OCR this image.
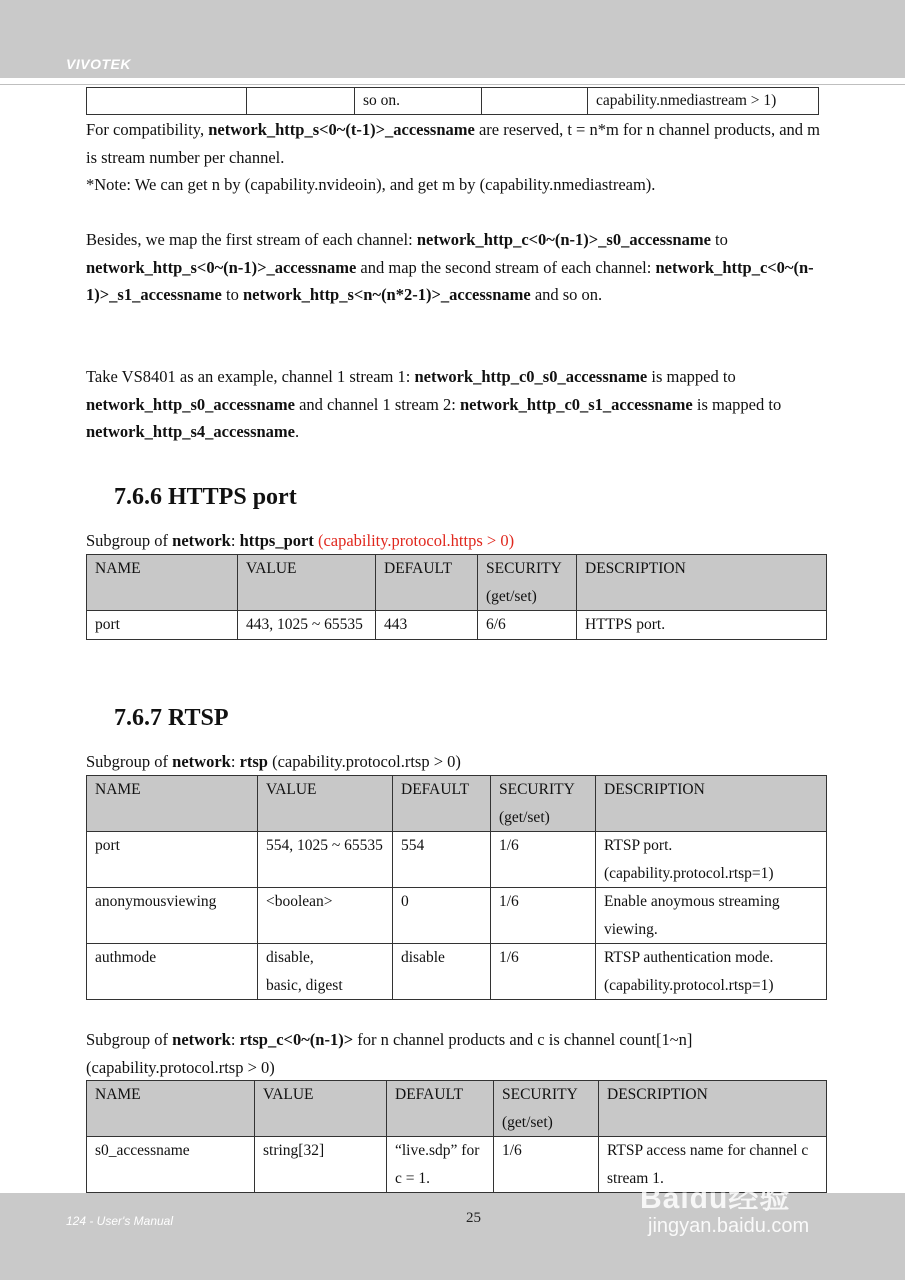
VIVOTEK
		so on.		capability.nmediastream > 1)

For compatibility, network_http_s<0~(t-1)>_accessname are reserved, t = n*m for n channel products, and m is stream number per channel.

*Note: We can get n by (capability.nvideoin), and get m by (capability.nmediastream).

Besides, we map the first stream of each channel: network_http_c<0~(n-1)>_s0_accessname to network_http_s<0~(n-1)>_accessname and map the second stream of each channel: network_http_c<0~(n-1)>_s1_accessname to network_http_s<n~(n*2-1)>_accessname and so on.

Take VS8401 as an example, channel 1 stream 1: network_http_c0_s0_accessname is mapped to network_http_s0_accessname and channel 1 stream 2: network_http_c0_s1_accessname is mapped to network_http_s4_accessname.

7.6.6 HTTPS port

Subgroup of network: https_port (capability.protocol.https > 0)

NAME	VALUE	DEFAULT	SECURITY (get/set)	DESCRIPTION
port	443, 1025 ~ 65535	443	6/6	HTTPS port.
7.6.7 RTSP

Subgroup of network: rtsp (capability.protocol.rtsp > 0)

NAME	VALUE	DEFAULT	SECURITY (get/set)	DESCRIPTION
port	554, 1025 ~ 65535	554	1/6	RTSP port. (capability.protocol.rtsp=1)
anonymousviewing	<boolean>	0	1/6	Enable anoymous streaming viewing.
authmode	disable, basic, digest	disable	1/6	RTSP authentication mode. (capability.protocol.rtsp=1)

Subgroup of network: rtsp_c<0~(n-1)> for n channel products and c is channel count[1~n] (capability.protocol.rtsp > 0)

NAME	VALUE	DEFAULT	SECURITY (get/set)	DESCRIPTION
s0_accessname	string[32]	“live.sdp” for c = 1.	1/6	RTSP access name for channel c stream 1.
124 - User's Manual	25
Baidu经验
jingyan.baidu.com
